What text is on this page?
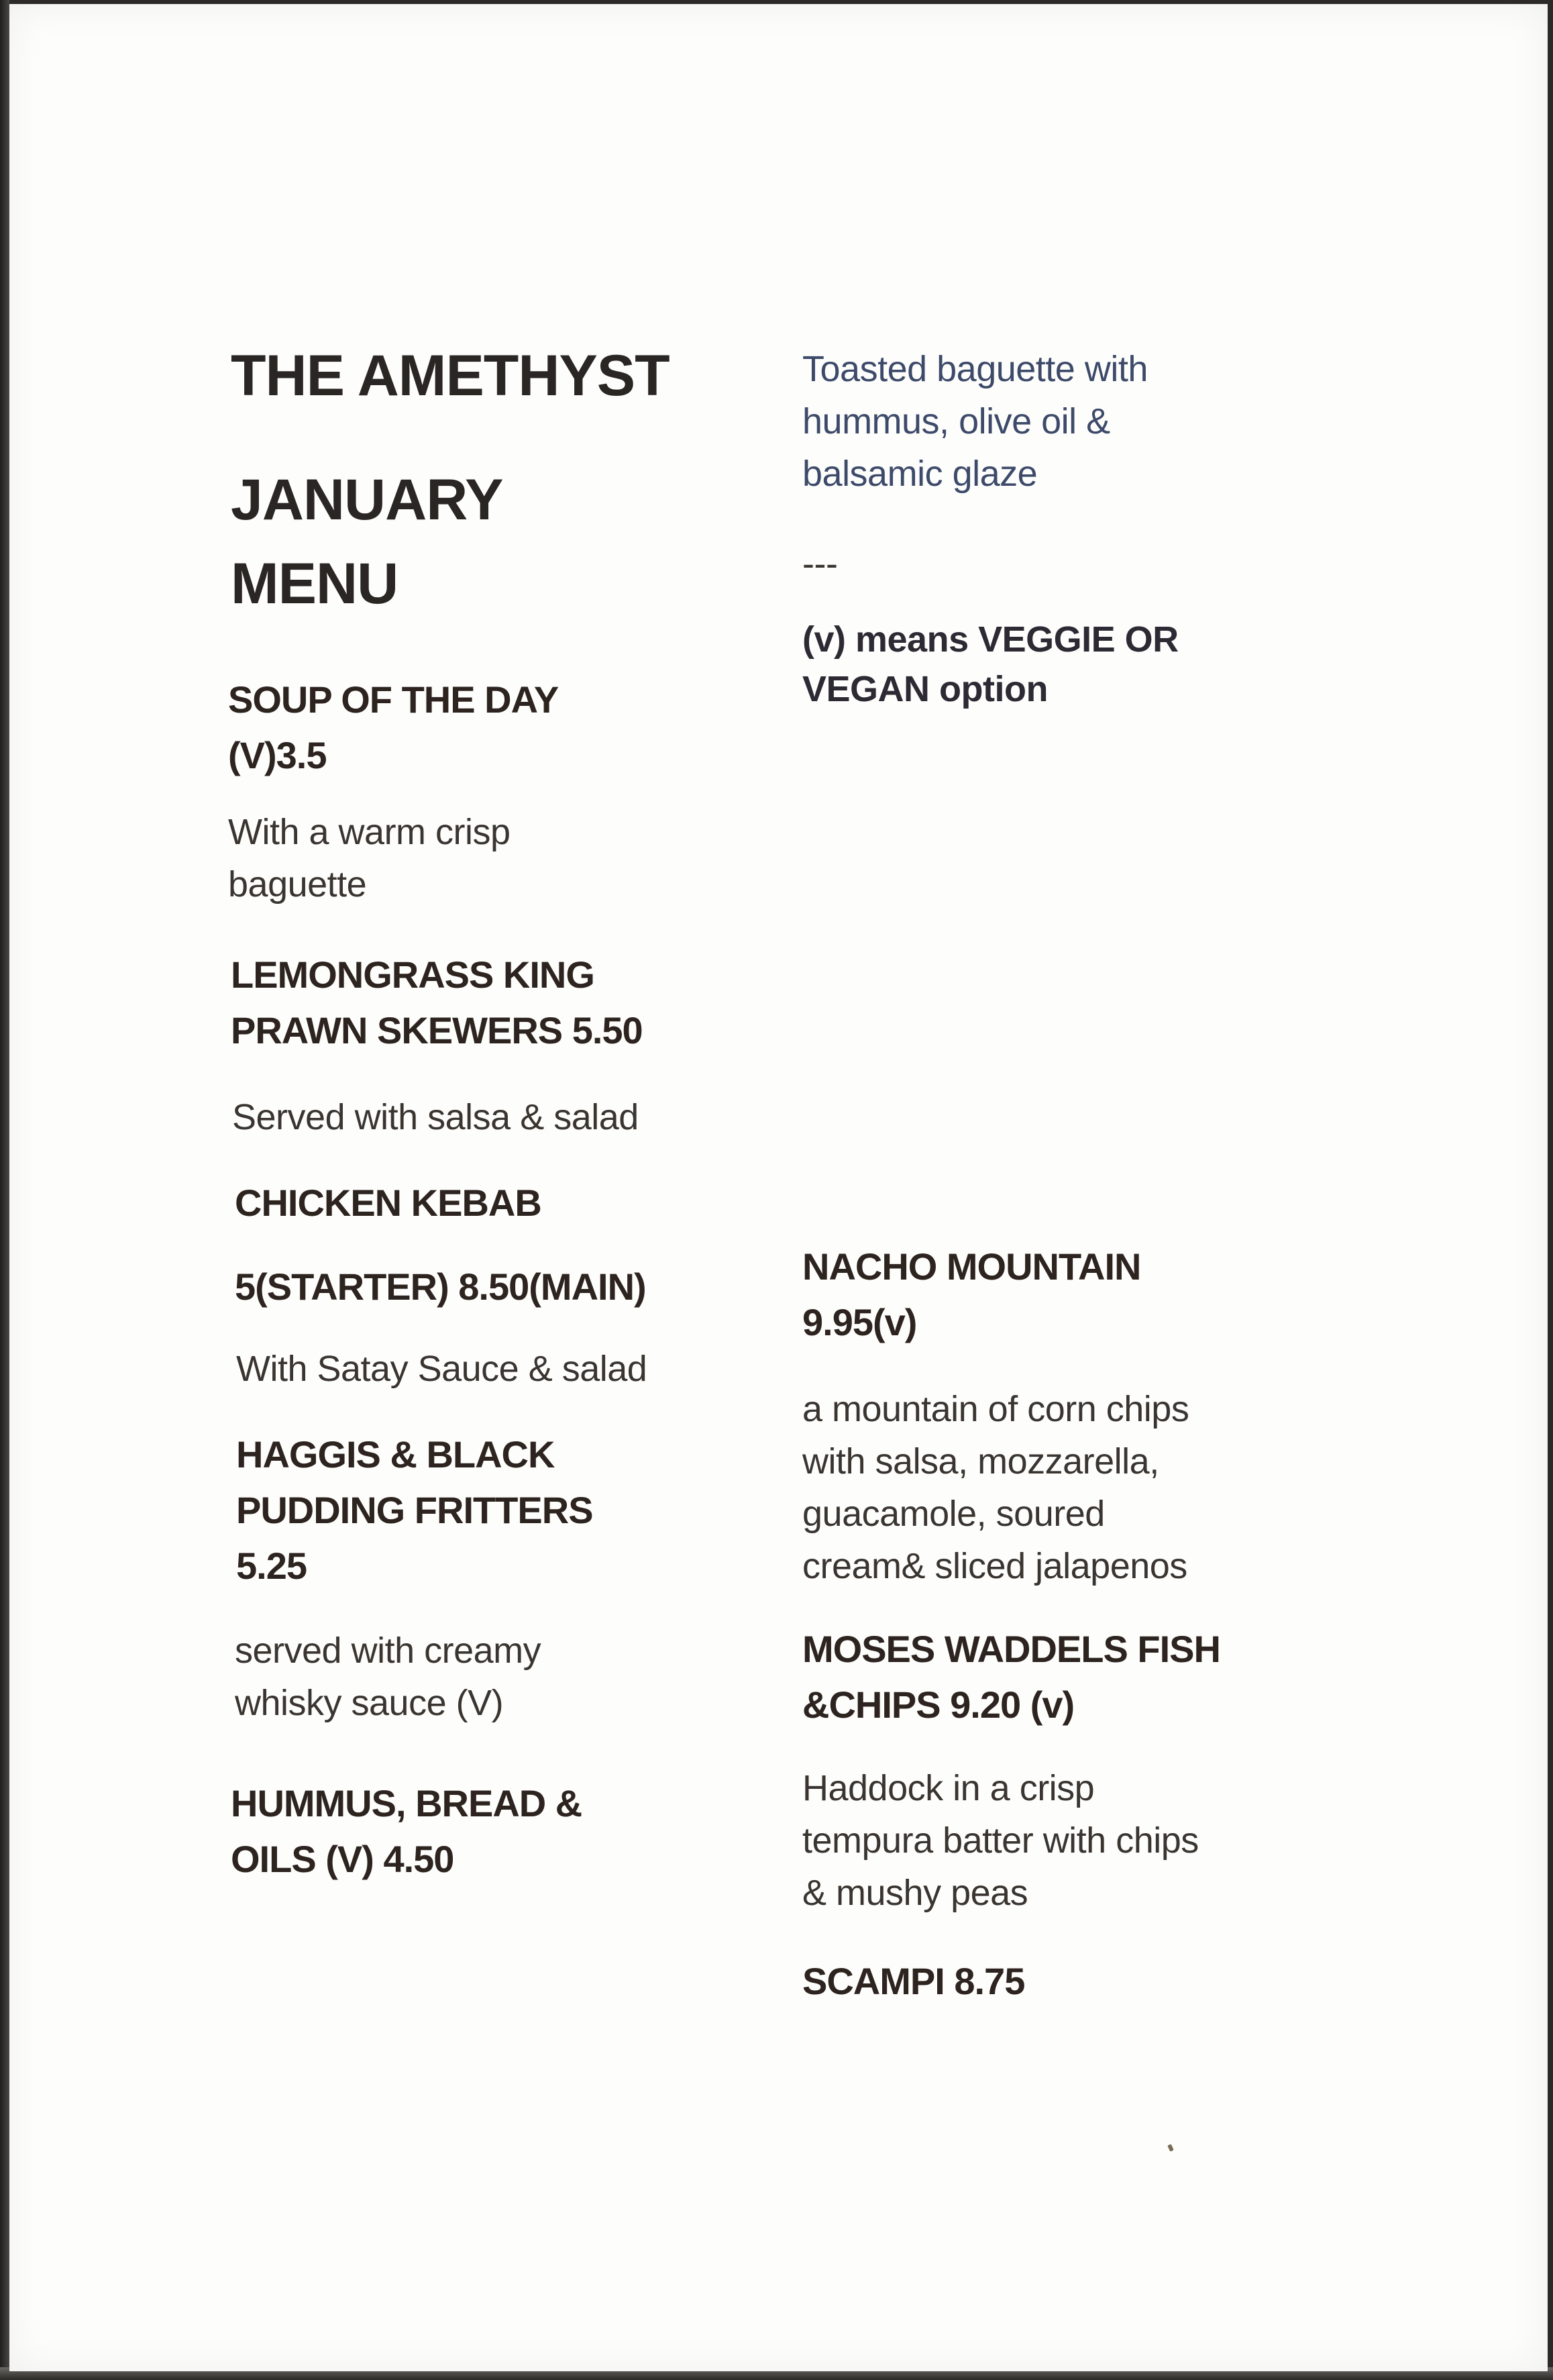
THE AMETHYST
JANUARY
MENU
SOUP OF THE DAY
(V)3.5
With a warm crisp
baguette
LEMONGRASS KING
PRAWN SKEWERS 5.50
Served with salsa & salad
CHICKEN KEBAB
5(STARTER) 8.50(MAIN)
With Satay Sauce & salad
HAGGIS & BLACK
PUDDING FRITTERS
5.25
served with creamy
whisky sauce (V)
HUMMUS, BREAD &
OILS (V) 4.50
Toasted baguette with
hummus, olive oil &
balsamic glaze
---
(v) means VEGGIE OR
VEGAN option
NACHO MOUNTAIN
9.95(v)
a mountain of corn chips
with salsa, mozzarella,
guacamole, soured
cream& sliced jalapenos
MOSES WADDELS FISH
&CHIPS 9.20 (v)
Haddock in a crisp
tempura batter with chips
& mushy peas
SCAMPI 8.75
